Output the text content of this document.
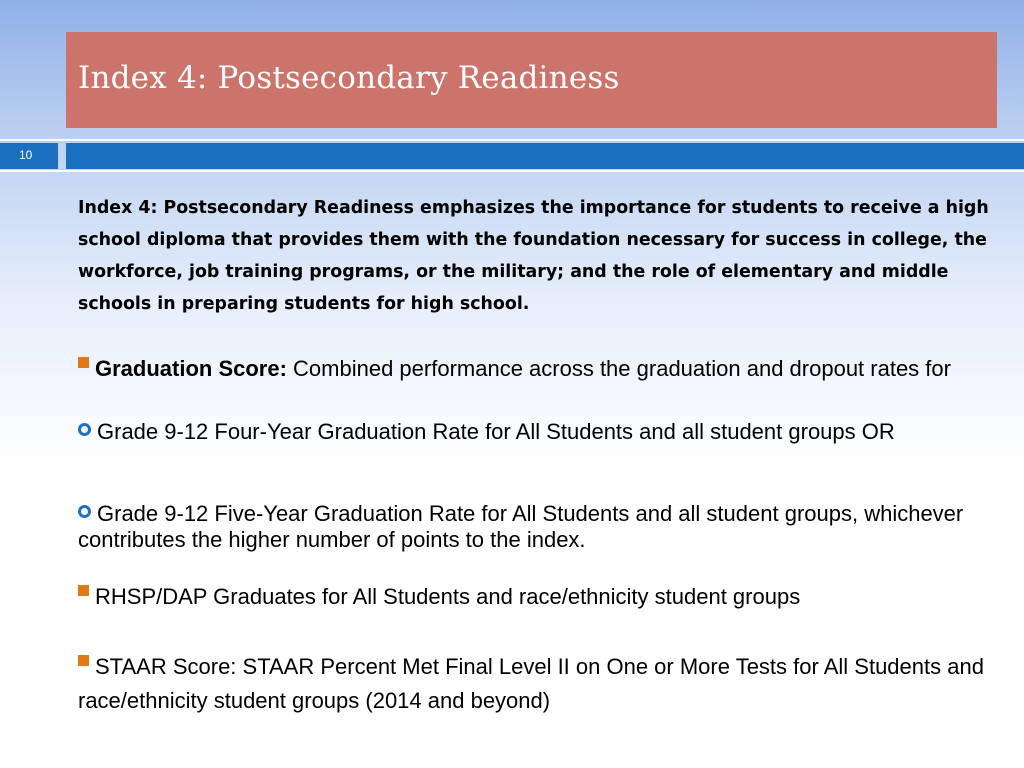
Index 4: Postsecondary Readiness
10
Index 4: Postsecondary Readiness emphasizes the importance for students to receive a high school diploma that provides them with the foundation necessary for success in college, the workforce, job training programs, or the military; and the role of elementary and middle schools in preparing students for high school.
Graduation Score: Combined performance across the graduation and dropout rates for
Grade 9-12 Four-Year Graduation Rate for All Students and all student groups OR
Grade 9-12 Five-Year Graduation Rate for All Students and all student groups, whichever contributes the higher number of points to the index.
RHSP/DAP Graduates for All Students and race/ethnicity student groups
STAAR Score: STAAR Percent Met Final Level II on One or More Tests for All Students and race/ethnicity student groups (2014 and beyond)
